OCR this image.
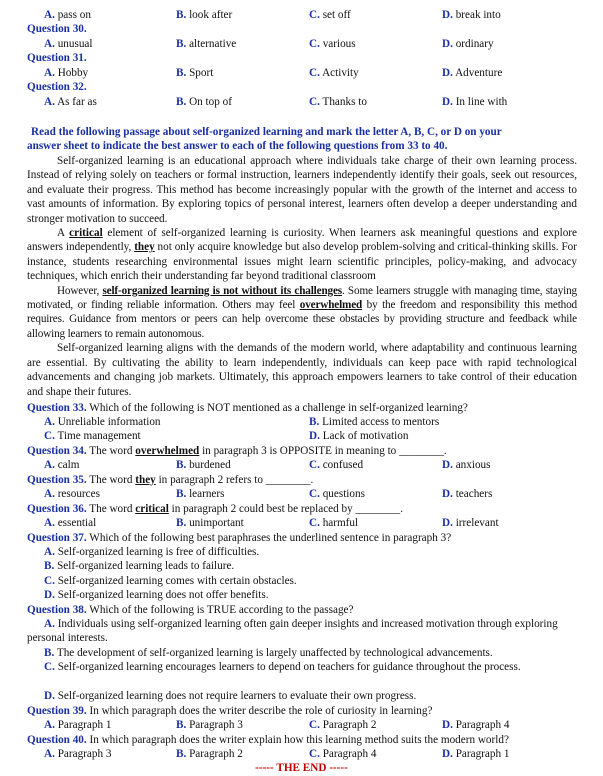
A. pass on	B. look after	C. set off	D. break into
Question 30.
A. unusual	B. alternative	C. various	D. ordinary
Question 31.
A. Hobby	B. Sport	C. Activity	D. Adventure
Question 32.
A. As far as	B. On top of	C. Thanks to	D. In line with
Read the following passage about self-organized learning and mark the letter A, B, C, or D on your
answer sheet to indicate the best answer to each of the following questions from 33 to 40.

Self-organized learning is an educational approach where individuals take charge of their own learning process. Instead of relying solely on teachers or formal instruction, learners independently identify their goals, seek out resources, and evaluate their progress. This method has become increasingly popular with the growth of the internet and access to vast amounts of information. By exploring topics of personal interest, learners often develop a deeper understanding and stronger motivation to succeed.

A critical element of self-organized learning is curiosity. When learners ask meaningful questions and explore answers independently, they not only acquire knowledge but also develop problem-solving and critical-thinking skills. For instance, students researching environmental issues might learn scientific principles, policy-making, and advocacy techniques, which enrich their understanding far beyond traditional classroom

However, self-organized learning is not without its challenges. Some learners struggle with managing time, staying motivated, or finding reliable information. Others may feel overwhelmed by the freedom and responsibility this method requires. Guidance from mentors or peers can help overcome these obstacles by providing structure and feedback while allowing learners to remain autonomous.

Self-organized learning aligns with the demands of the modern world, where adaptability and continuous learning are essential. By cultivating the ability to learn independently, individuals can keep pace with rapid technological advancements and changing job markets. Ultimately, this approach empowers learners to take control of their education and shape their futures.

Question 33. Which of the following is NOT mentioned as a challenge in self-organized learning?
A. Unreliable information	B. Limited access to mentors
C. Time management	D. Lack of motivation
Question 34. The word overwhelmed in paragraph 3 is OPPOSITE in meaning to ________.
A. calm	B. burdened	C. confused	D. anxious
Question 35. The word they in paragraph 2 refers to ________.
A. resources	B. learners	C. questions	D. teachers
Question 36. The word critical in paragraph 2 could best be replaced by ________.
A. essential	B. unimportant	C. harmful	D. irrelevant
Question 37. Which of the following best paraphrases the underlined sentence in paragraph 3?
A. Self-organized learning is free of difficulties.
B. Self-organized learning leads to failure.
C. Self-organized learning comes with certain obstacles.
D. Self-organized learning does not offer benefits.
Question 38. Which of the following is TRUE according to the passage?
A. Individuals using self-organized learning often gain deeper insights and increased motivation through exploring personal interests.
B. The development of self-organized learning is largely unaffected by technological advancements.
C. Self-organized learning encourages learners to depend on teachers for guidance throughout the process.
D. Self-organized learning does not require learners to evaluate their own progress.
Question 39. In which paragraph does the writer describe the role of curiosity in learning?
A. Paragraph 1	B. Paragraph 3	C. Paragraph 2	D. Paragraph 4
Question 40. In which paragraph does the writer explain how this learning method suits the modern world?
A. Paragraph 3	B. Paragraph 2	C. Paragraph 4	D. Paragraph 1
----- THE END -----
